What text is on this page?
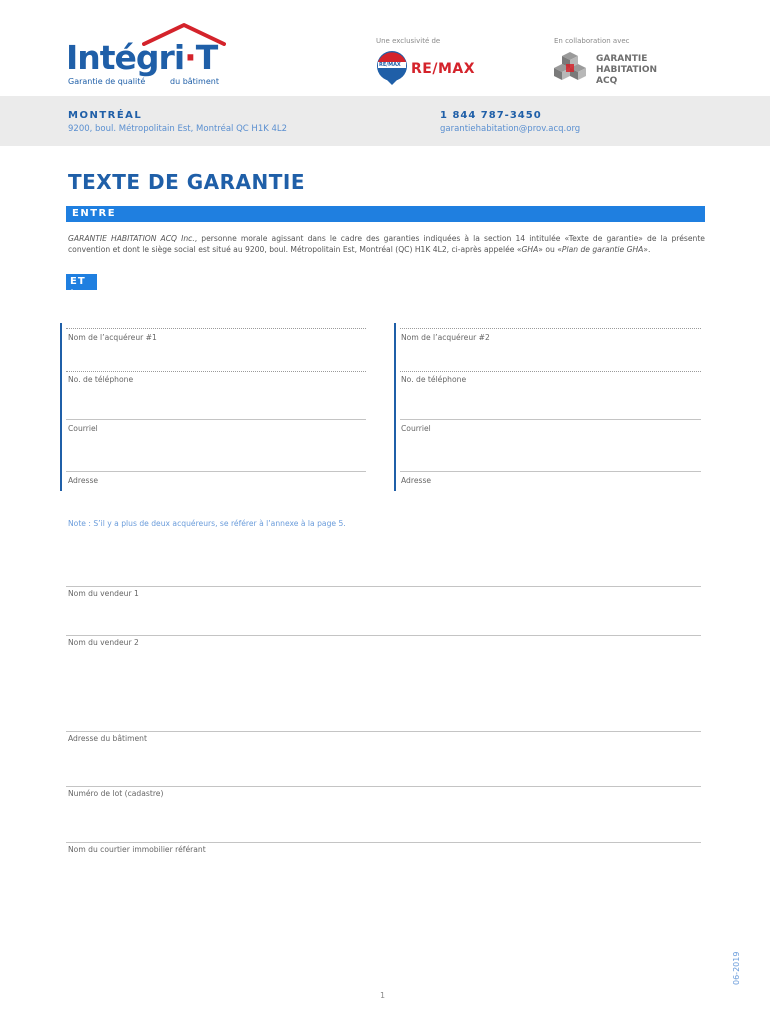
Intégri·T
Garantie de qualité	du bâtiment
Une exclusivité de
RE/MAX RE/MAX
En collaboration avec
GARANTIE
HABITATION
ACQ
MONTRÉAL
9200, boul. Métropolitain Est, Montréal QC H1K 4L2
1 844 787-3450
garantiehabitation@prov.acq.org
TEXTE DE GARANTIE
ENTRE
GARANTIE HABITATION ACQ Inc., personne morale agissant dans le cadre des garanties indiquées à la section 14 intitulée «Texte de garantie» de la présente convention et dont le siège social est situé au 9200, boul. Métropolitain Est, Montréal (QC) H1K 4L2, ci-après appelée «GHA» ou «Plan de garantie GHA».
ET :
Nom de l’acquéreur #1
No. de téléphone
Courriel
Adresse
Nom de l’acquéreur #2
No. de téléphone
Courriel
Adresse
Note : S’il y a plus de deux acquéreurs, se référer à l’annexe à la page 5.
Nom du vendeur 1
Nom du vendeur 2
Adresse du bâtiment
Numéro de lot (cadastre)
Nom du courtier immobilier référant
1
06-2019
